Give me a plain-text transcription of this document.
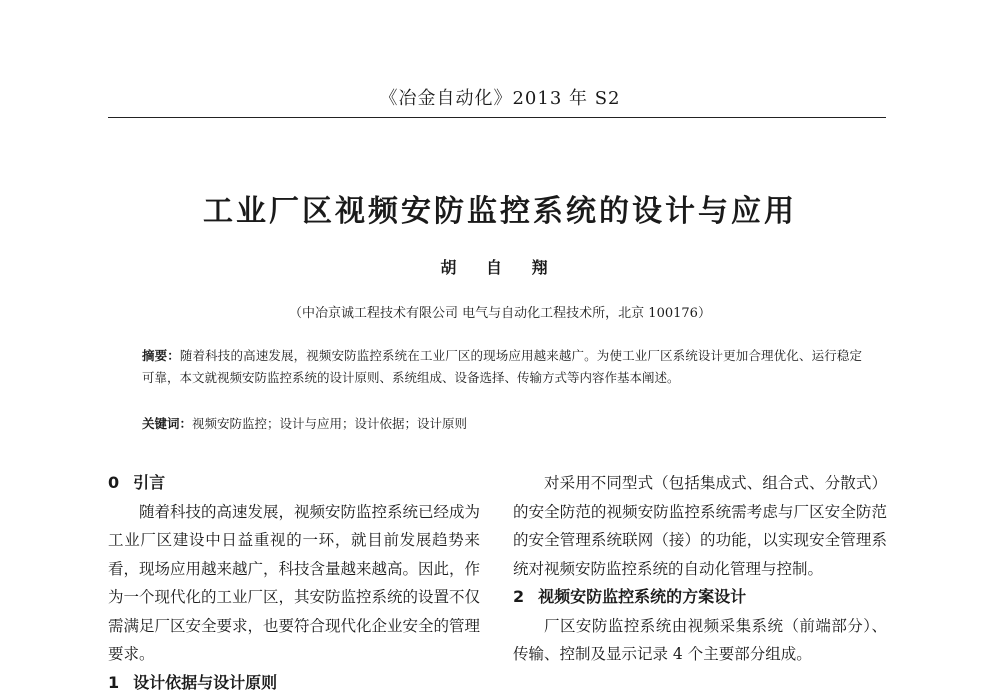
《冶金自动化》2013 年 S2
工业厂区视频安防监控系统的设计与应用
胡 自 翔
（中冶京诚工程技术有限公司 电气与自动化工程技术所，北京 100176）
摘要：随着科技的高速发展，视频安防监控系统在工业厂区的现场应用越来越广。为使工业厂区系统设计更加合理优化、运行稳定可靠，本文就视频安防监控系统的设计原则、系统组成、设备选择、传输方式等内容作基本阐述。
关键词：视频安防监控；设计与应用；设计依据；设计原则
0 引言

随着科技的高速发展，视频安防监控系统已经成为工业厂区建设中日益重视的一环，就目前发展趋势来看，现场应用越来越广，科技含量越来越高。因此，作为一个现代化的工业厂区，其安防监控系统的设置不仅需满足厂区安全要求，也要符合现代化企业安全的管理要求。

1 设计依据与设计原则

对采用不同型式（包括集成式、组合式、分散式）的安全防范的视频安防监控系统需考虑与厂区安全防范的安全管理系统联网（接）的功能，以实现安全管理系统对视频安防监控系统的自动化管理与控制。

2 视频安防监控系统的方案设计

厂区安防监控系统由视频采集系统（前端部分）、传输、控制及显示记录 4 个主要部分组成。
